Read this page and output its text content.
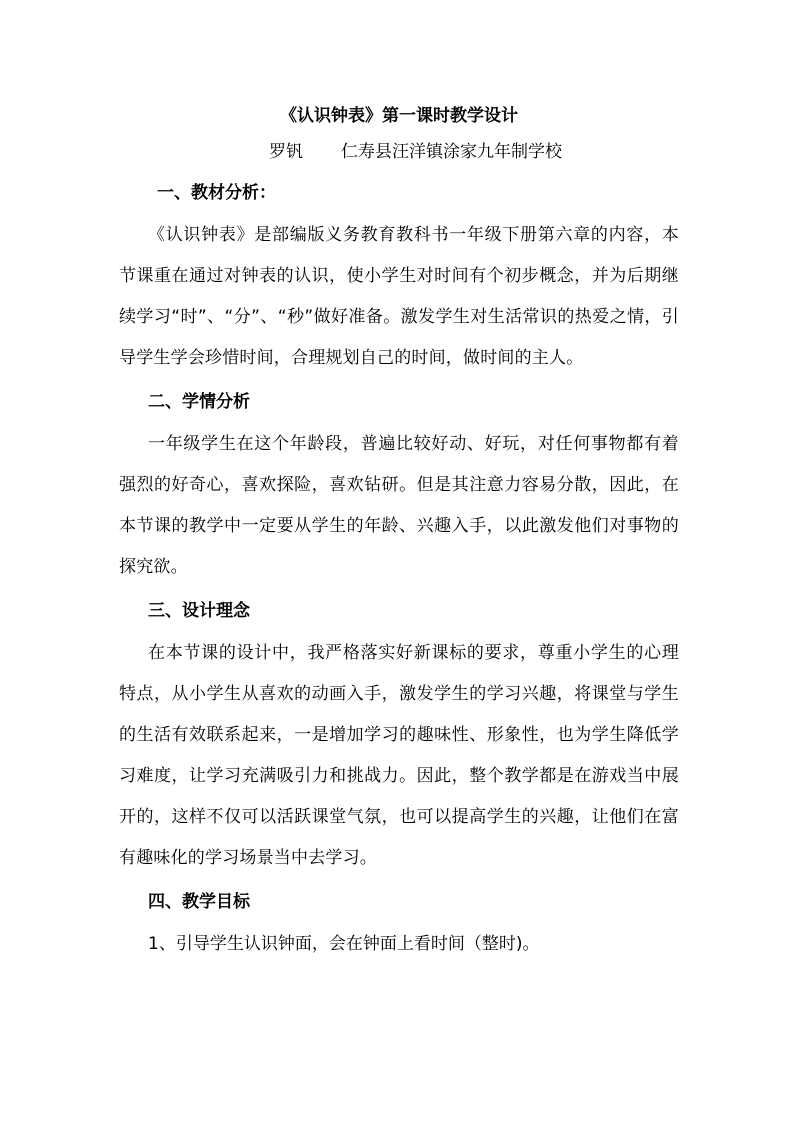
《认识钟表》第一课时教学设计

罗钒 仁寿县汪洋镇涂家九年制学校

一、教材分析：

《认识钟表》是部编版义务教育教科书一年级下册第六章的内容，本节课重在通过对钟表的认识，使小学生对时间有个初步概念，并为后期继续学习“时”、“分”、“秒”做好准备。激发学生对生活常识的热爱之情，引导学生学会珍惜时间，合理规划自己的时间，做时间的主人。

二、学情分析

一年级学生在这个年龄段，普遍比较好动、好玩，对任何事物都有着强烈的好奇心，喜欢探险，喜欢钻研。但是其注意力容易分散，因此，在本节课的教学中一定要从学生的年龄、兴趣入手，以此激发他们对事物的探究欲。

三、设计理念

在本节课的设计中，我严格落实好新课标的要求，尊重小学生的心理特点，从小学生从喜欢的动画入手，激发学生的学习兴趣，将课堂与学生的生活有效联系起来，一是增加学习的趣味性、形象性，也为学生降低学习难度，让学习充满吸引力和挑战力。因此，整个教学都是在游戏当中展开的，这样不仅可以活跃课堂气氛，也可以提高学生的兴趣，让他们在富有趣味化的学习场景当中去学习。

四、教学目标

1、引导学生认识钟面，会在钟面上看时间（整时)。
